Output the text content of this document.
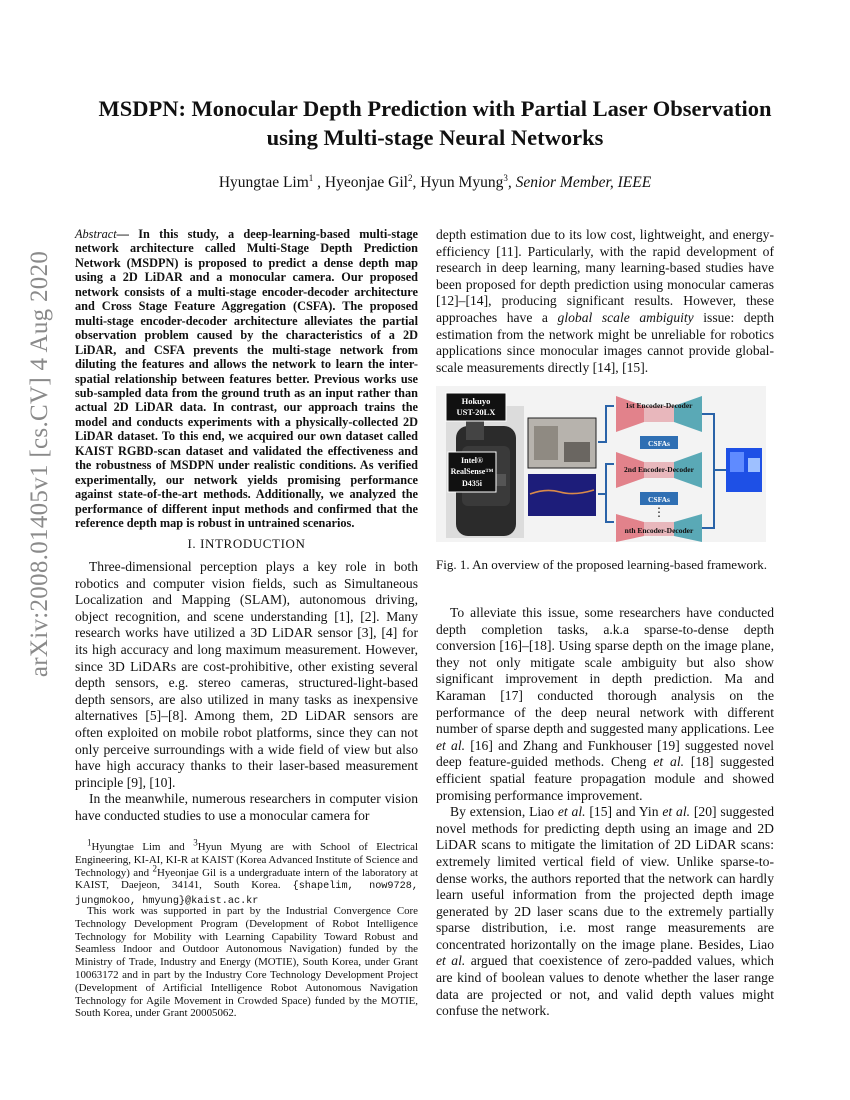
arXiv:2008.01405v1 [cs.CV] 4 Aug 2020
MSDPN: Monocular Depth Prediction with Partial Laser Observation
using Multi-stage Neural Networks
Hyungtae Lim$^1$ , Hyeonjae Gil$^2$, Hyun Myung$^3$, Senior Member, IEEE
Abstract— In this study, a deep-learning-based multi-stage network architecture called Multi-Stage Depth Prediction Network (MSDPN) is proposed to predict a dense depth map using a 2D LiDAR and a monocular camera. Our proposed network consists of a multi-stage encoder-decoder architecture and Cross Stage Feature Aggregation (CSFA). The proposed multi-stage encoder-decoder architecture alleviates the partial observation problem caused by the characteristics of a 2D LiDAR, and CSFA prevents the multi-stage network from diluting the features and allows the network to learn the inter-spatial relationship between features better. Previous works use sub-sampled data from the ground truth as an input rather than actual 2D LiDAR data. In contrast, our approach trains the model and conducts experiments with a physically-collected 2D LiDAR dataset. To this end, we acquired our own dataset called KAIST RGBD-scan dataset and validated the effectiveness and the robustness of MSDPN under realistic conditions. As verified experimentally, our network yields promising performance against state-of-the-art methods. Additionally, we analyzed the performance of different input methods and confirmed that the reference depth map is robust in untrained scenarios.
I. INTRODUCTION

Three-dimensional perception plays a key role in both robotics and computer vision fields, such as Simultaneous Localization and Mapping (SLAM), autonomous driving, object recognition, and scene understanding [1], [2]. Many research works have utilized a 3D LiDAR sensor [3], [4] for its high accuracy and long maximum measurement. However, since 3D LiDARs are cost-prohibitive, other existing several depth sensors, e.g. stereo cameras, structured-light-based depth sensors, are also utilized in many tasks as inexpensive alternatives [5]–[8]. Among them, 2D LiDAR sensors are often exploited on mobile robot platforms, since they can not only perceive surroundings with a wide field of view but also have high accuracy thanks to their laser-based measurement principle [9], [10].

In the meanwhile, numerous researchers in computer vision have conducted studies to use a monocular camera for

$^1$Hyungtae Lim and $^3$Hyun Myung are with School of Electrical Engineering, KI-AI, KI-R at KAIST (Korea Advanced Institute of Science and Technology) and $^2$Hyeonjae Gil is a undergraduate intern of the laboratory at KAIST, Daejeon, 34141, South Korea. {shapelim, now9728, jungmokoo, hmyung}@kaist.ac.kr
This work was supported in part by the Industrial Convergence Core Technology Development Program (Development of Robot Intelligence Technology for Mobility with Learning Capability Toward Robust and Seamless Indoor and Outdoor Autonomous Navigation) funded by the Ministry of Trade, Industry and Energy (MOTIE), South Korea, under Grant 10063172 and in part by the Industry Core Technology Development Project (Development of Artificial Intelligence Robot Autonomous Navigation Technology for Agile Movement in Crowded Space) funded by the MOTIE, South Korea, under Grant 20005062.
depth estimation due to its low cost, lightweight, and energy-efficiency [11]. Particularly, with the rapid development of research in deep learning, many learning-based studies have been proposed for depth prediction using monocular cameras [12]–[14], producing significant results. However, these approaches have a global scale ambiguity issue: depth estimation from the network might be unreliable for robotics applications since monocular images cannot provide global-scale measurements directly [14], [15].
Hokuyo
UST-20LX
Intel®
RealSense™
D435i
1st Encoder-Decoder
CSFAs
2nd Encoder-Decoder
CSFAs
⋮
nth Encoder-Decoder
Fig. 1. An overview of the proposed learning-based framework.

To alleviate this issue, some researchers have conducted depth completion tasks, a.k.a sparse-to-dense depth conversion [16]–[18]. Using sparse depth on the image plane, they not only mitigate scale ambiguity but also show significant improvement in depth prediction. Ma and Karaman [17] conducted thorough analysis on the performance of the deep neural network with different number of sparse depth and suggested many applications. Lee et al. [16] and Zhang and Funkhouser [19] suggested novel deep feature-guided methods. Cheng et al. [18] suggested efficient spatial feature propagation module and showed promising performance improvement.

By extension, Liao et al. [15] and Yin et al. [20] suggested novel methods for predicting depth using an image and 2D LiDAR scans to mitigate the limitation of 2D LiDAR scans: extremely limited vertical field of view. Unlike sparse-to-dense works, the authors reported that the network can hardly learn useful information from the projected depth image generated by 2D laser scans due to the extremely partially sparse distribution, i.e. most range measurements are concentrated horizontally on the image plane. Besides, Liao et al. argued that coexistence of zero-padded values, which are kind of boolean values to denote whether the laser range data are projected or not, and valid depth values might confuse the network.
